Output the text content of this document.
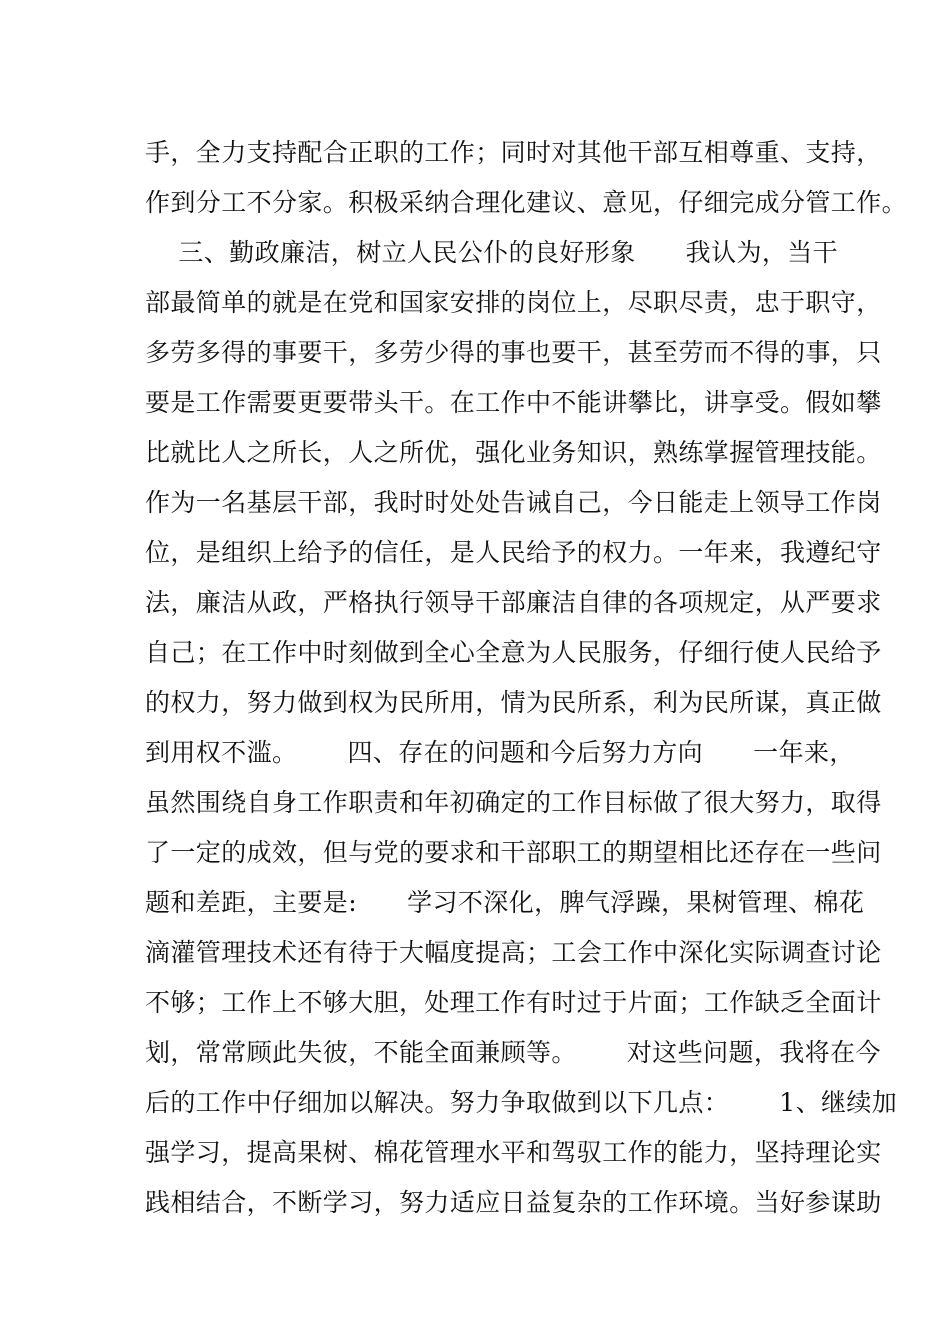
手，全力支持配合正职的工作；同时对其他干部互相尊重、支持，
作到分工不分家。积极采纳合理化建议、意见，仔细完成分管工作。
三、勤政廉洁，树立人民公仆的良好形象      我认为，当干
部最简单的就是在党和国家安排的岗位上，尽职尽责，忠于职守，
多劳多得的事要干，多劳少得的事也要干，甚至劳而不得的事，只
要是工作需要更要带头干。在工作中不能讲攀比，讲享受。假如攀
比就比人之所长，人之所优，强化业务知识，熟练掌握管理技能。
作为一名基层干部，我时时处处告诫自己，今日能走上领导工作岗
位，是组织上给予的信任，是人民给予的权力。一年来，我遵纪守
法，廉洁从政，严格执行领导干部廉洁自律的各项规定，从严要求
自己；在工作中时刻做到全心全意为人民服务，仔细行使人民给予
的权力，努力做到权为民所用，情为民所系，利为民所谋，真正做
到用权不滥。      四、存在的问题和今后努力方向      一年来，
虽然围绕自身工作职责和年初确定的工作目标做了很大努力，取得
了一定的成效，但与党的要求和干部职工的期望相比还存在一些问
题和差距，主要是:      学习不深化，脾气浮躁，果树管理、棉花
滴灌管理技术还有待于大幅度提高；工会工作中深化实际调查讨论
不够；工作上不够大胆，处理工作有时过于片面；工作缺乏全面计
划，常常顾此失彼，不能全面兼顾等。      对这些问题，我将在今
后的工作中仔细加以解决。努力争取做到以下几点：      1、继续加
强学习，提高果树、棉花管理水平和驾驭工作的能力，坚持理论实
践相结合，不断学习，努力适应日益复杂的工作环境。当好参谋助
